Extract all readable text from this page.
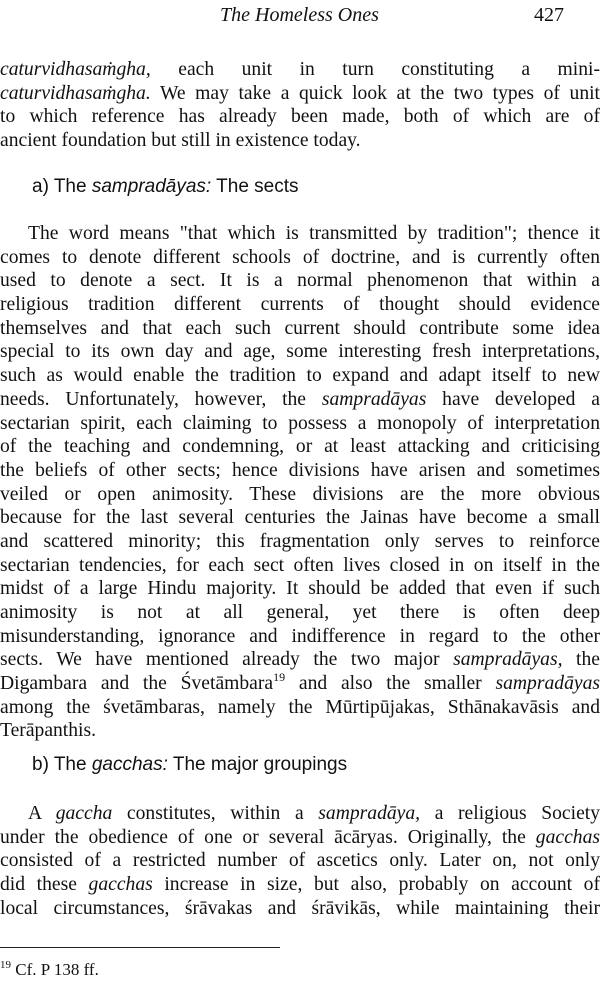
The Homeless Ones	427
caturvidhasaṁgha, each unit in turn constituting a mini-
caturvidhasaṁgha. We may take a quick look at the two types of unit
to which reference has already been made, both of which are of
ancient foundation but still in existence today.
a) The sampradāyas: The sects
The word means "that which is transmitted by tradition"; thence it
comes to denote different schools of doctrine, and is currently often
used to denote a sect. It is a normal phenomenon that within a
religious tradition different currents of thought should evidence
themselves and that each such current should contribute some idea
special to its own day and age, some interesting fresh interpretations,
such as would enable the tradition to expand and adapt itself to new
needs. Unfortunately, however, the sampradāyas have developed a
sectarian spirit, each claiming to possess a monopoly of interpretation
of the teaching and condemning, or at least attacking and criticising
the beliefs of other sects; hence divisions have arisen and sometimes
veiled or open animosity. These divisions are the more obvious
because for the last several centuries the Jainas have become a small
and scattered minority; this fragmentation only serves to reinforce
sectarian tendencies, for each sect often lives closed in on itself in the
midst of a large Hindu majority. It should be added that even if such
animosity is not at all general, yet there is often deep
misunderstanding, ignorance and indifference in regard to the other
sects. We have mentioned already the two major sampradāyas, the
Digambara and the Śvetāmbara$^{19}$ and also the smaller sampradāyas
among the śvetāmbaras, namely the Mūrtipūjakas, Sthānakavāsis and
Terāpanthis.
b) The gacchas: The major groupings
A gaccha constitutes, within a sampradāya, a religious Society
under the obedience of one or several ācāryas. Originally, the gacchas
consisted of a restricted number of ascetics only. Later on, not only
did these gacchas increase in size, but also, probably on account of
local circumstances, śrāvakas and śrāvikās, while maintaining their
$^{19}$ Cf. P 138 ff.
